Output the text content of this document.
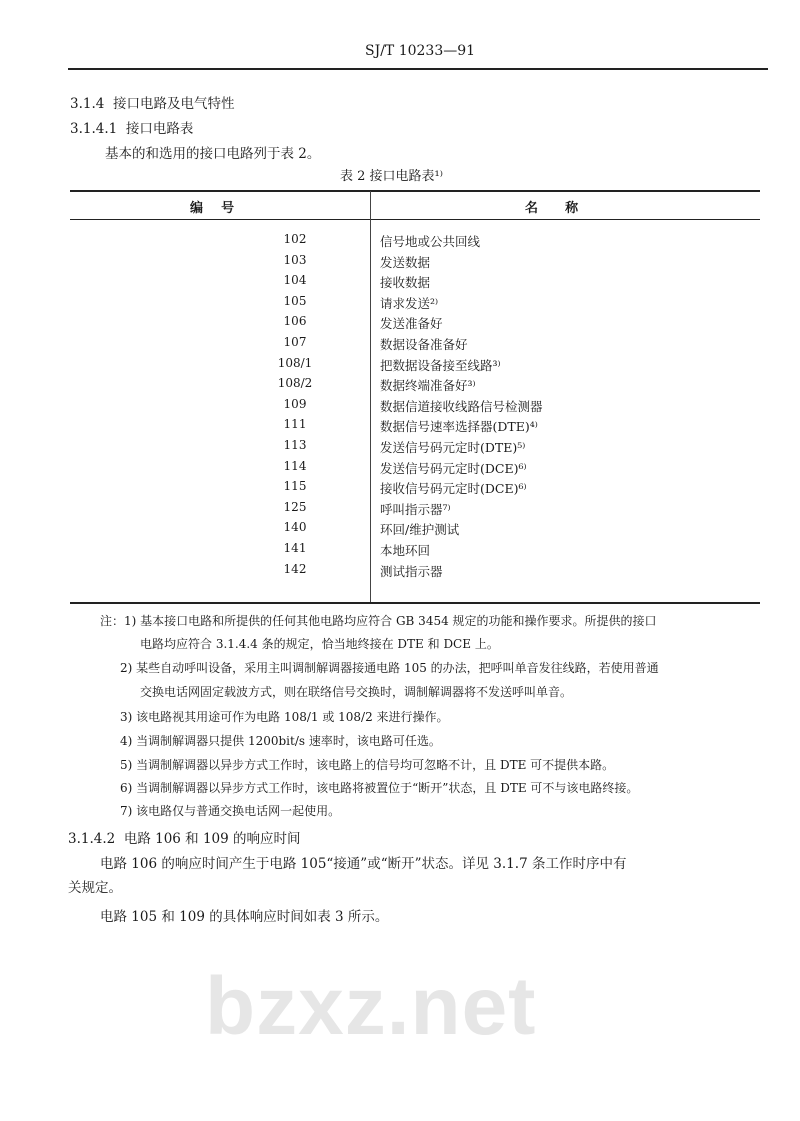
bzxz.net
SJ/T 10233—91
3.1.4 接口电路及电气特性
3.1.4.1 接口电路表
基本的和选用的接口电路列于表 2。
表 2 接口电路表¹⁾
编    号	名      称
102	信号地或公共回线
103	发送数据
104	接收数据
105	请求发送²⁾
106	发送准备好
107	数据设备准备好
108/1	把数据设备接至线路³⁾
108/2	数据终端准备好³⁾
109	数据信道接收线路信号检测器
111	数据信号速率选择器(DTE)⁴⁾
113	发送信号码元定时(DTE)⁵⁾
114	发送信号码元定时(DCE)⁶⁾
115	接收信号码元定时(DCE)⁶⁾
125	呼叫指示器⁷⁾
140	环回/维护测试
141	本地环回
142	测试指示器
注：1) 基本接口电路和所提供的任何其他电路均应符合 GB 3454 规定的功能和操作要求。所提供的接口
电路均应符合 3.1.4.4 条的规定，恰当地终接在 DTE 和 DCE 上。
2) 某些自动呼叫设备，采用主叫调制解调器接通电路 105 的办法，把呼叫单音发往线路，若使用普通
交换电话网固定载波方式，则在联络信号交换时，调制解调器将不发送呼叫单音。
3) 该电路视其用途可作为电路 108/1 或 108/2 来进行操作。
4) 当调制解调器只提供 1200bit/s 速率时，该电路可任选。
5) 当调制解调器以异步方式工作时，该电路上的信号均可忽略不计，且 DTE 可不提供本路。
6) 当调制解调器以异步方式工作时，该电路将被置位于“断开”状态，且 DTE 可不与该电路终接。
7) 该电路仅与普通交换电话网一起使用。
3.1.4.2 电路 106 和 109 的响应时间
电路 106 的响应时间产生于电路 105“接通”或“断开”状态。详见 3.1.7 条工作时序中有
关规定。
电路 105 和 109 的具体响应时间如表 3 所示。
